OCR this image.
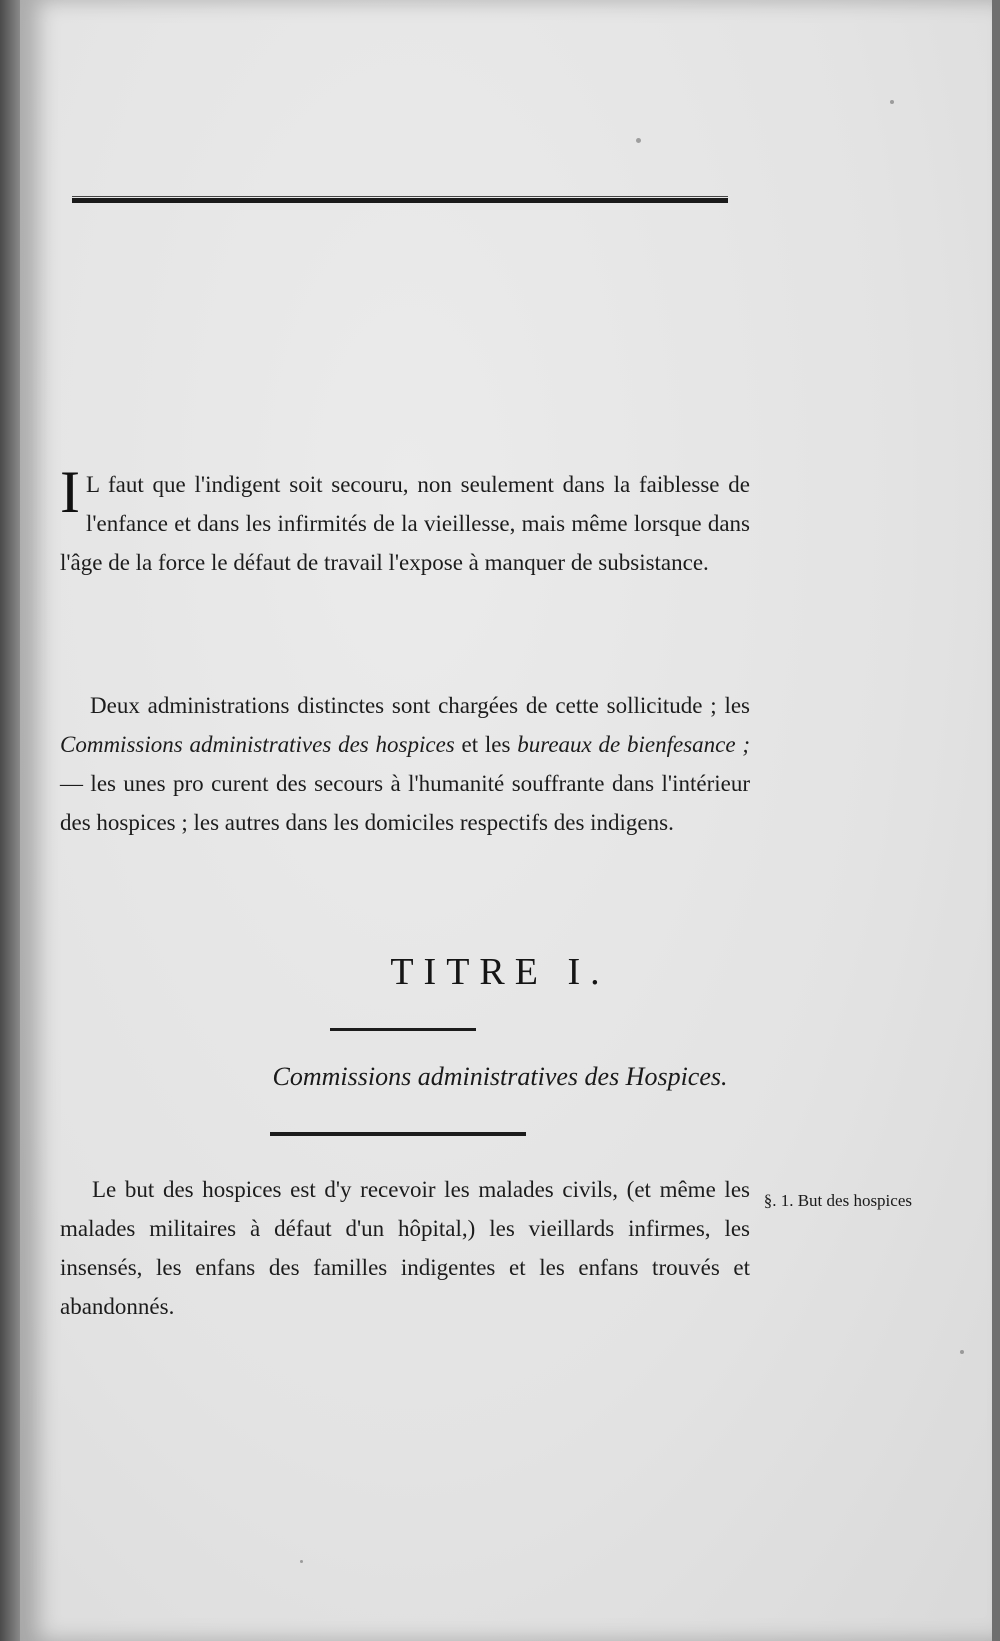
I L faut que l'indigent soit secouru, non seulement dans la faiblesse de l'enfance et dans les infirmités de la vieillesse, mais même lorsque dans l'âge de la force le défaut de travail l'expose à manquer de subsistance.
Deux administrations distinctes sont chargées de cette sollicitude ; les Commissions administratives des hospices et les bureaux de bienfesance ; — les unes pro curent des secours à l'humanité souffrante dans l'intérieur des hospices ; les autres dans les domiciles respectifs des indigens.
TITRE I.
Commissions administratives des Hospices.
Le but des hospices est d'y recevoir les malades civils, (et même les malades militaires à défaut d'un hôpital,) les vieillards infirmes, les insensés, les enfans des familles indigentes et les enfans trouvés et abandonnés.
§. 1. But des hospices
